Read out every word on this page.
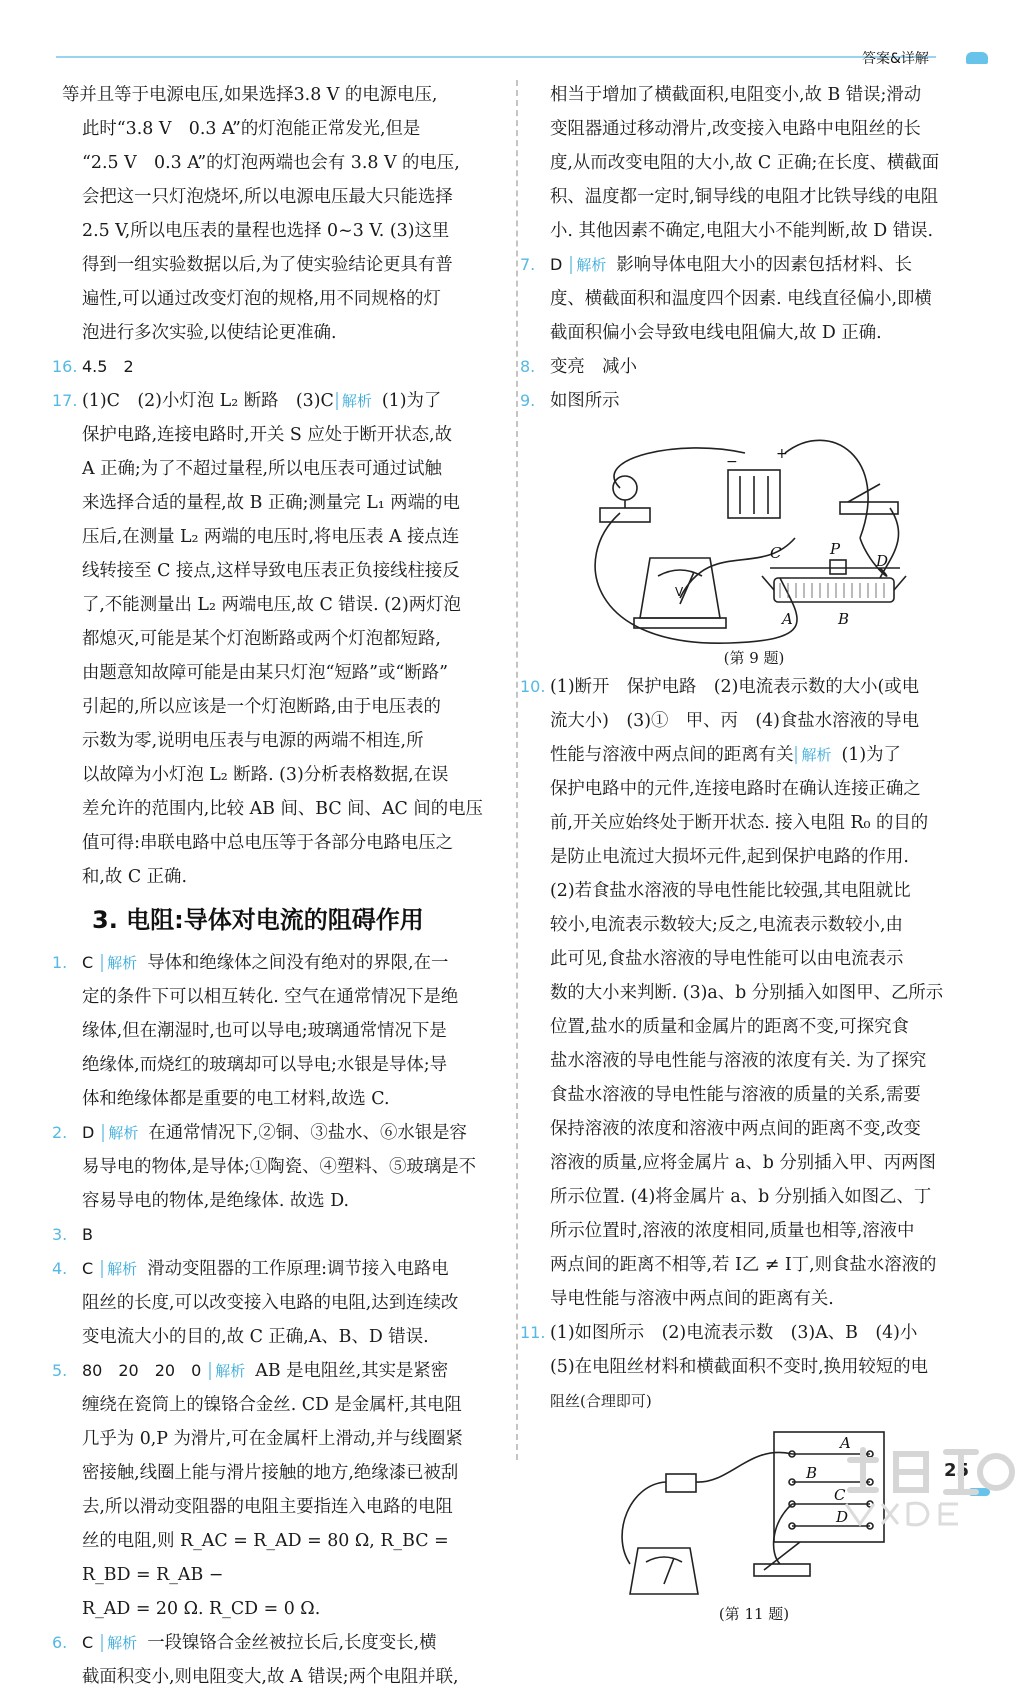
答案&详解
等并且等于电源电压,如果选择3.8 V 的电源电压,
此时“3.8 V　0.3 A”的灯泡能正常发光,但是
“2.5 V　0.3 A”的灯泡两端也会有 3.8 V 的电压,
会把这一只灯泡烧坏,所以电源电压最大只能选择
2.5 V,所以电压表的量程也选择 0~3 V. (3)这里
得到一组实验数据以后,为了使实验结论更具有普
遍性,可以通过改变灯泡的规格,用不同规格的灯
泡进行多次实验,以使结论更准确.
16. 4.5　2
17. (1)C　(2)小灯泡 L₂ 断路　(3)C 解析 (1)为了
保护电路,连接电路时,开关 S 应处于断开状态,故
A 正确;为了不超过量程,所以电压表可通过试触
来选择合适的量程,故 B 正确;测量完 L₁ 两端的电
压后,在测量 L₂ 两端的电压时,将电压表 A 接点连
线转接至 C 接点,这样导致电压表正负接线柱接反
了,不能测量出 L₂ 两端电压,故 C 错误. (2)两灯泡
都熄灭,可能是某个灯泡断路或两个灯泡都短路,
由题意知故障可能是由某只灯泡“短路”或“断路”
引起的,所以应该是一个灯泡断路,由于电压表的
示数为零,说明电压表与电源的两端不相连,所
以故障为小灯泡 L₂ 断路. (3)分析表格数据,在误
差允许的范围内,比较 AB 间、BC 间、AC 间的电压
值可得:串联电路中总电压等于各部分电路电压之
和,故 C 正确.
3. 电阻:导体对电流的阻碍作用
1. C 解析 导体和绝缘体之间没有绝对的界限,在一
定的条件下可以相互转化. 空气在通常情况下是绝
缘体,但在潮湿时,也可以导电;玻璃通常情况下是
绝缘体,而烧红的玻璃却可以导电;水银是导体;导
体和绝缘体都是重要的电工材料,故选 C.
2. D 解析 在通常情况下,②铜、③盐水、⑥水银是容
易导电的物体,是导体;①陶瓷、④塑料、⑤玻璃是不
容易导电的物体,是绝缘体. 故选 D.
3. B
4. C 解析 滑动变阻器的工作原理:调节接入电路电
阻丝的长度,可以改变接入电路的电阻,达到连续改
变电流大小的目的,故 C 正确,A、B、D 错误.
5. 80　20　20　0 解析 AB 是电阻丝,其实是紧密
缠绕在瓷筒上的镍铬合金丝. CD 是金属杆,其电阻
几乎为 0,P 为滑片,可在金属杆上滑动,并与线圈紧
密接触,线圈上能与滑片接触的地方,绝缘漆已被刮
去,所以滑动变阻器的电阻主要指连入电路的电阻
丝的电阻,则 R_AC = R_AD = 80 Ω, R_BC = R_BD = R_AB −
R_AD = 20 Ω. R_CD = 0 Ω.
6. C 解析 一段镍铬合金丝被拉长后,长度变长,横
截面积变小,则电阻变大,故 A 错误;两个电阻并联,
相当于增加了横截面积,电阻变小,故 B 错误;滑动
变阻器通过移动滑片,改变接入电路中电阻丝的长
度,从而改变电阻的大小,故 C 正确;在长度、横截面
积、温度都一定时,铜导线的电阻才比铁导线的电阻
小. 其他因素不确定,电阻大小不能判断,故 D 错误.
7. D 解析 影响导体电阻大小的因素包括材料、长
度、横截面积和温度四个因素. 电线直径偏小,即横
截面积偏小会导致电线电阻偏大,故 D 正确.
8. 变亮　减小
9. 如图所示
C	P
D
A	B
V
−	+
(第 9 题)
10. (1)断开　保护电路　(2)电流表示数的大小(或电
流大小)　(3)①　甲、丙　(4)食盐水溶液的导电
性能与溶液中两点间的距离有关 解析 (1)为了
保护电路中的元件,连接电路时在确认连接正确之
前,开关应始终处于断开状态. 接入电阻 R₀ 的目的
是防止电流过大损坏元件,起到保护电路的作用.
(2)若食盐水溶液的导电性能比较强,其电阻就比
较小,电流表示数较大;反之,电流表示数较小,由
此可见,食盐水溶液的导电性能可以由电流表示
数的大小来判断. (3)a、b 分别插入如图甲、乙所示
位置,盐水的质量和金属片的距离不变,可探究食
盐水溶液的导电性能与溶液的浓度有关. 为了探究
食盐水溶液的导电性能与溶液的质量的关系,需要
保持溶液的浓度和溶液中两点间的距离不变,改变
溶液的质量,应将金属片 a、b 分别插入甲、丙两图
所示位置. (4)将金属片 a、b 分别插入如图乙、丁
所示位置时,溶液的浓度相同,质量也相等,溶液中
两点间的距离不相等,若 I乙 ≠ I丁,则食盐水溶液的
导电性能与溶液中两点间的距离有关.
11. (1)如图所示　(2)电流表示数　(3)A、B　(4)小
(5)在电阻丝材料和横截面积不变时,换用较短的电
阻丝(合理即可)
A
B
C
D
(第 11 题)
25
